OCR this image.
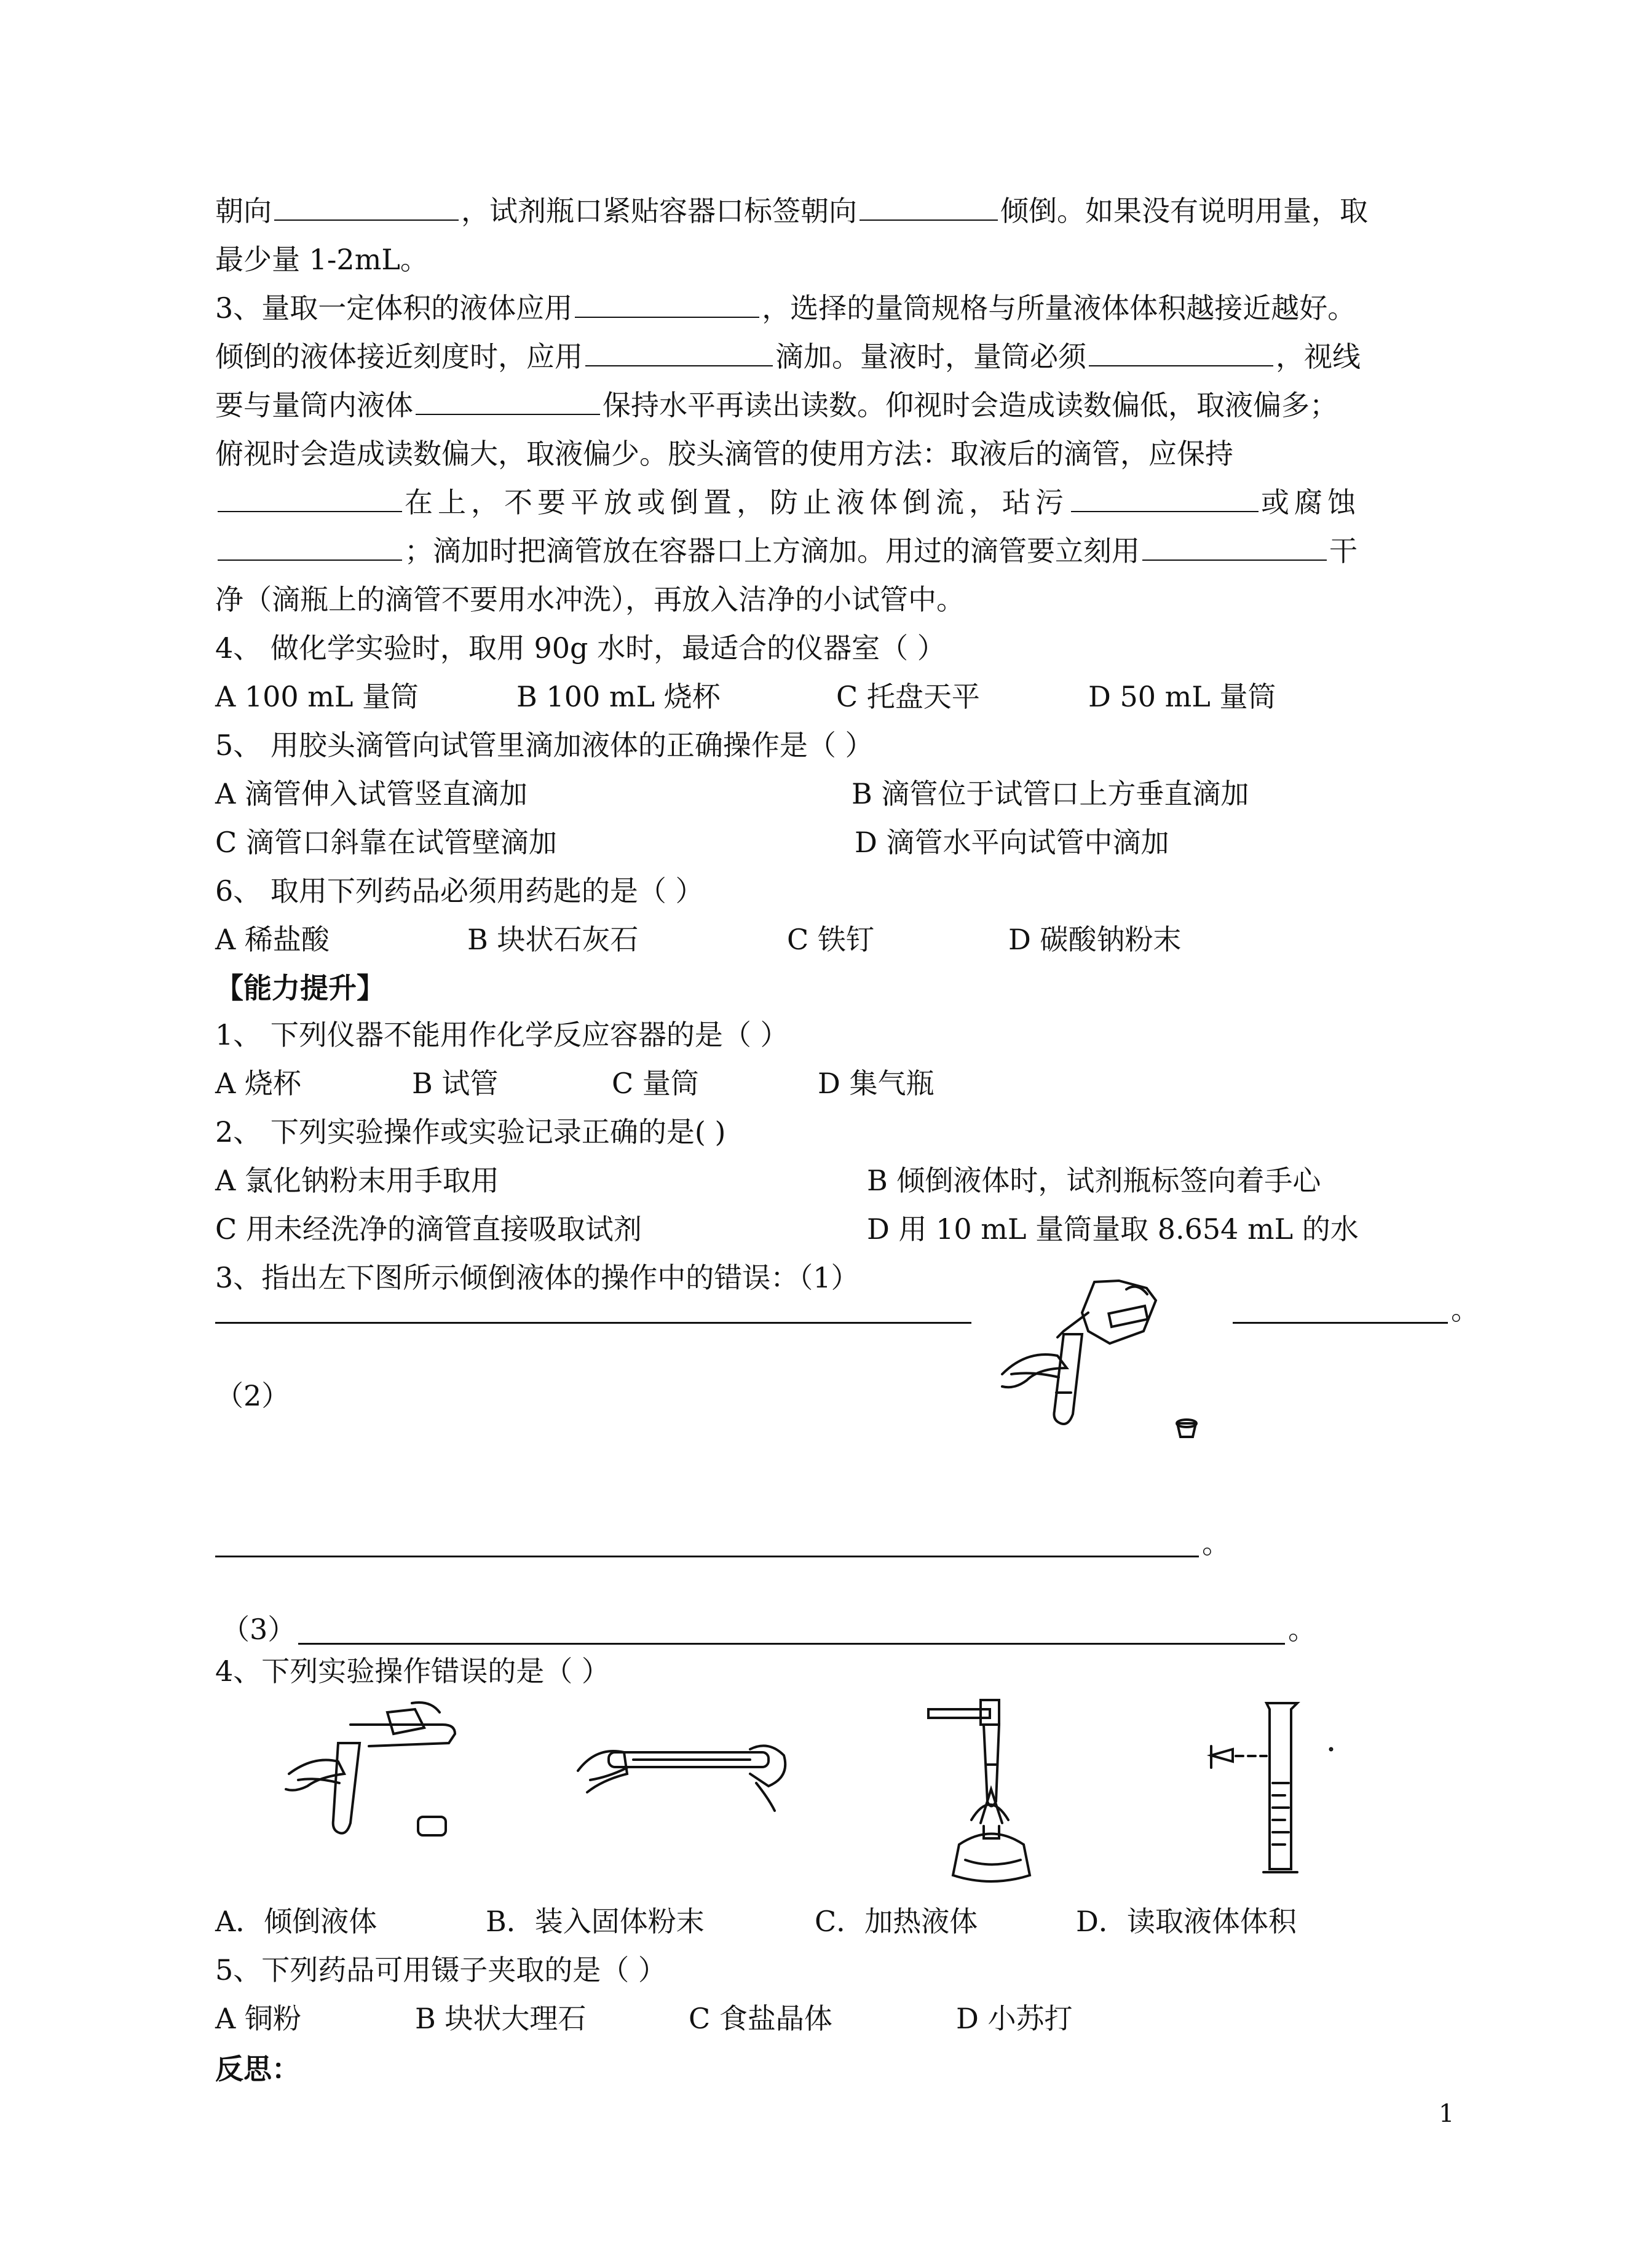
朝向	，试剂瓶口紧贴容器口标签朝向	倾倒。如果没有说明用量，取
最少量 1-2mL。
3、量取一定体积的液体应用	，选择的量筒规格与所量液体体积越接近越好。
倾倒的液体接近刻度时，应用	滴加。量液时，量筒必须	，视线
要与量筒内液体	保持水平再读出读数。仰视时会造成读数偏低，取液偏多；
俯视时会造成读数偏大，取液偏少。胶头滴管的使用方法：取液后的滴管，应保持
在上，不要平放或倒置，防止液体倒流，玷污	或腐蚀
；滴加时把滴管放在容器口上方滴加。用过的滴管要立刻用	干
净（滴瓶上的滴管不要用水冲洗），再放入洁净的小试管中。
4、 做化学实验时，取用 90g 水时，最适合的仪器室（ ）
A 100 mL 量筒	B 100 mL 烧杯	C 托盘天平	D 50 mL 量筒
5、 用胶头滴管向试管里滴加液体的正确操作是（ ）
A 滴管伸入试管竖直滴加	B 滴管位于试管口上方垂直滴加
C 滴管口斜靠在试管壁滴加	D 滴管水平向试管中滴加
6、 取用下列药品必须用药匙的是（ ）
A 稀盐酸	B 块状石灰石	C 铁钉	D 碳酸钠粉末
【能力提升】
1、 下列仪器不能用作化学反应容器的是（ ）
A 烧杯	B 试管	C 量筒	D 集气瓶
2、 下列实验操作或实验记录正确的是( )
A 氯化钠粉末用手取用	B 倾倒液体时，试剂瓶标签向着手心
C 用未经洗净的滴管直接吸取试剂	D 用 10 mL 量筒量取 8.654 mL 的水
3、指出左下图所示倾倒液体的操作中的错误：（1）
。
（2）
。
（3）	。
4、下列实验操作错误的是（ ）
A．倾倒液体	B．装入固体粉末	C．加热液体	D．读取液体体积
5、下列药品可用镊子夹取的是（ ）
A 铜粉	B 块状大理石	C 食盐晶体	D 小苏打
反思：
1
